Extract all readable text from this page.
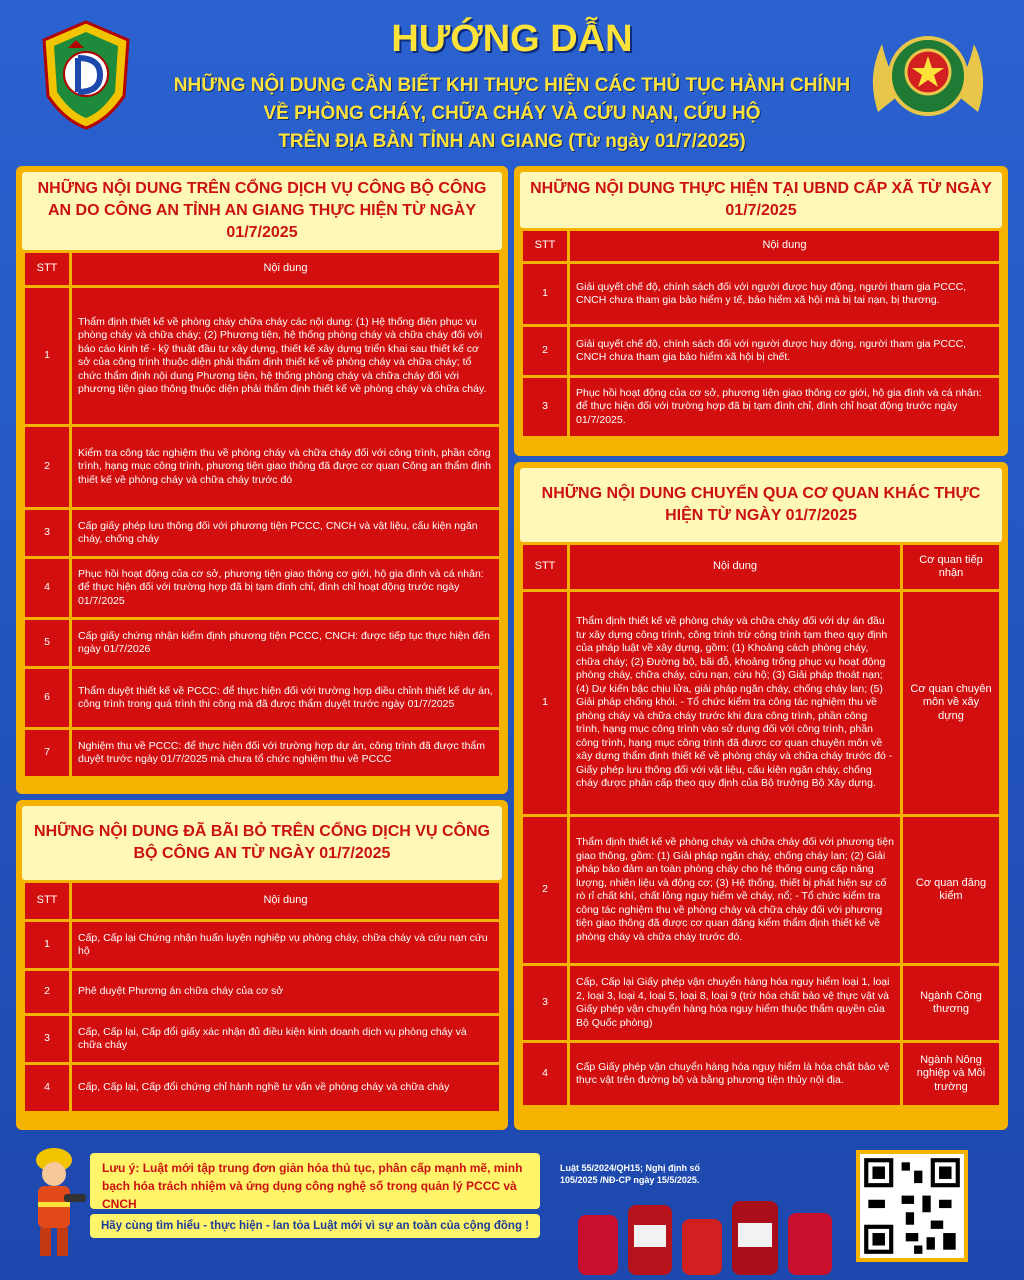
HƯỚNG DẪN
NHỮNG NỘI DUNG CẦN BIẾT KHI THỰC HIỆN CÁC THỦ TỤC HÀNH CHÍNH
VỀ PHÒNG CHÁY, CHỮA CHÁY VÀ CỨU NẠN, CỨU HỘ
TRÊN ĐỊA BÀN TỈNH AN GIANG (Từ ngày 01/7/2025)
NHỮNG NỘI DUNG TRÊN CỔNG DỊCH VỤ CÔNG BỘ CÔNG AN DO CÔNG AN TỈNH AN GIANG THỰC HIỆN TỪ NGÀY 01/7/2025
STT	Nội dung
1	Thẩm định thiết kế về phòng cháy chữa cháy các nội dung: (1) Hệ thống điện phục vụ phòng cháy và chữa cháy; (2) Phương tiện, hệ thống phòng cháy và chữa cháy đối với báo cáo kinh tế - kỹ thuật đầu tư xây dựng, thiết kế xây dựng triển khai sau thiết kế cơ sở của công trình thuộc diện phải thẩm định thiết kế về phòng cháy và chữa cháy; tổ chức thẩm định nội dung Phương tiện, hệ thống phòng cháy và chữa cháy đối với phương tiện giao thông thuộc diện phải thẩm định thiết kế về phòng cháy và chữa cháy.
2	Kiểm tra công tác nghiệm thu về phòng cháy và chữa cháy đối với công trình, phần công trình, hạng mục công trình, phương tiện giao thông đã được cơ quan Công an thẩm định thiết kế về phòng cháy và chữa cháy trước đó
3	Cấp giấy phép lưu thông đối với phương tiện PCCC, CNCH và vật liệu, cấu kiện ngăn cháy, chống cháy
4	Phục hồi hoạt động của cơ sở, phương tiện giao thông cơ giới, hộ gia đình và cá nhân: để thực hiện đối với trường hợp đã bị tạm đình chỉ, đình chỉ hoạt động trước ngày 01/7/2025
5	Cấp giấy chứng nhận kiểm định phương tiện PCCC, CNCH: được tiếp tục thực hiện đến ngày 01/7/2026
6	Thẩm duyệt thiết kế về PCCC: để thực hiện đối với trường hợp điều chỉnh thiết kế dự án, công trình trong quá trình thi công mà đã được thẩm duyệt trước ngày 01/7/2025
7	Nghiệm thu về PCCC: để thực hiện đối với trường hợp dự án, công trình đã được thẩm duyệt trước ngày 01/7/2025 mà chưa tổ chức nghiệm thu về PCCC
NHỮNG NỘI DUNG ĐÃ BÃI BỎ TRÊN CỔNG DỊCH VỤ CÔNG BỘ CÔNG AN TỪ NGÀY 01/7/2025
STT	Nội dung
1	Cấp, Cấp lại Chứng nhận huấn luyện nghiệp vụ phòng cháy, chữa cháy và cứu nạn cứu hộ
2	Phê duyệt Phương án chữa cháy của cơ sở
3	Cấp, Cấp lại, Cấp đổi giấy xác nhận đủ điều kiện kinh doanh dịch vụ phòng cháy và chữa cháy
4	Cấp, Cấp lại, Cấp đổi chứng chỉ hành nghề tư vấn về phòng cháy và chữa cháy
NHỮNG NỘI DUNG THỰC HIỆN TẠI UBND CẤP XÃ TỪ NGÀY 01/7/2025
STT	Nội dung
1	Giải quyết chế độ, chính sách đối với người được huy động, người tham gia PCCC, CNCH chưa tham gia bảo hiểm y tế, bảo hiểm xã hội mà bị tai nạn, bị thương.
2	Giải quyết chế độ, chính sách đối với người được huy động, người tham gia PCCC, CNCH chưa tham gia bảo hiểm xã hội bị chết.
3	Phục hồi hoạt động của cơ sở, phương tiện giao thông cơ giới, hộ gia đình và cá nhân: để thực hiện đối với trường hợp đã bị tạm đình chỉ, đình chỉ hoạt động trước ngày 01/7/2025.
NHỮNG NỘI DUNG CHUYỂN QUA CƠ QUAN KHÁC THỰC HIỆN TỪ NGÀY 01/7/2025
STT	Nội dung	Cơ quan tiếp nhận
1	Thẩm định thiết kế về phòng cháy và chữa cháy đối với dự án đầu tư xây dựng công trình, công trình trừ công trình tạm theo quy định của pháp luật về xây dựng, gồm: (1) Khoảng cách phòng cháy, chữa cháy; (2) Đường bộ, bãi đỗ, khoảng trống phục vụ hoạt động phòng cháy, chữa cháy, cứu nạn, cứu hộ; (3) Giải pháp thoát nạn; (4) Dự kiến bậc chịu lửa, giải pháp ngăn cháy, chống cháy lan; (5) Giải pháp chống khói. - Tổ chức kiểm tra công tác nghiệm thu về phòng cháy và chữa cháy trước khi đưa công trình, phần công trình, hạng mục công trình vào sử dụng đối với công trình, phần công trình, hạng mục công trình đã được cơ quan chuyên môn về xây dựng thẩm định thiết kế về phòng cháy và chữa cháy trước đó - Giấy phép lưu thông đối với vật liệu, cấu kiện ngăn cháy, chống cháy được phân cấp theo quy định của Bộ trưởng Bộ Xây dựng.	Cơ quan chuyên môn về xây dựng
2	Thẩm định thiết kế về phòng cháy và chữa cháy đối với phương tiện giao thông, gồm: (1) Giải pháp ngăn cháy, chống cháy lan; (2) Giải pháp bảo đảm an toàn phòng cháy cho hệ thống cung cấp năng lượng, nhiên liệu và động cơ; (3) Hệ thống, thiết bị phát hiện sự cố rò rỉ chất khí, chất lỏng nguy hiểm về cháy, nổ; - Tổ chức kiểm tra công tác nghiệm thu về phòng cháy và chữa cháy đối với phương tiện giao thông đã được cơ quan đăng kiểm thẩm định thiết kế về phòng cháy và chữa cháy trước đó.	Cơ quan đăng kiểm
3	Cấp, Cấp lại Giấy phép vận chuyển hàng hóa nguy hiểm loại 1, loại 2, loại 3, loại 4, loại 5, loại 8, loại 9 (trừ hóa chất bảo vệ thực vật và Giấy phép vận chuyển hàng hóa nguy hiểm thuộc thẩm quyền của Bộ Quốc phòng)	Ngành Công thương
4	Cấp Giấy phép vận chuyển hàng hóa nguy hiểm là hóa chất bảo vệ thực vật trên đường bộ và bằng phương tiện thủy nội địa.	Ngành Nông nghiệp và Môi trường
Lưu ý: Luật mới tập trung đơn giản hóa thủ tục, phân cấp mạnh mẽ, minh bạch hóa trách nhiệm và ứng dụng công nghệ số trong quản lý PCCC và CNCH
Hãy cùng tìm hiểu - thực hiện - lan tỏa Luật mới vì sự an toàn của cộng đồng !
Luật 55/2024/QH15; Nghị định số 105/2025 /NĐ-CP ngày 15/5/2025.
